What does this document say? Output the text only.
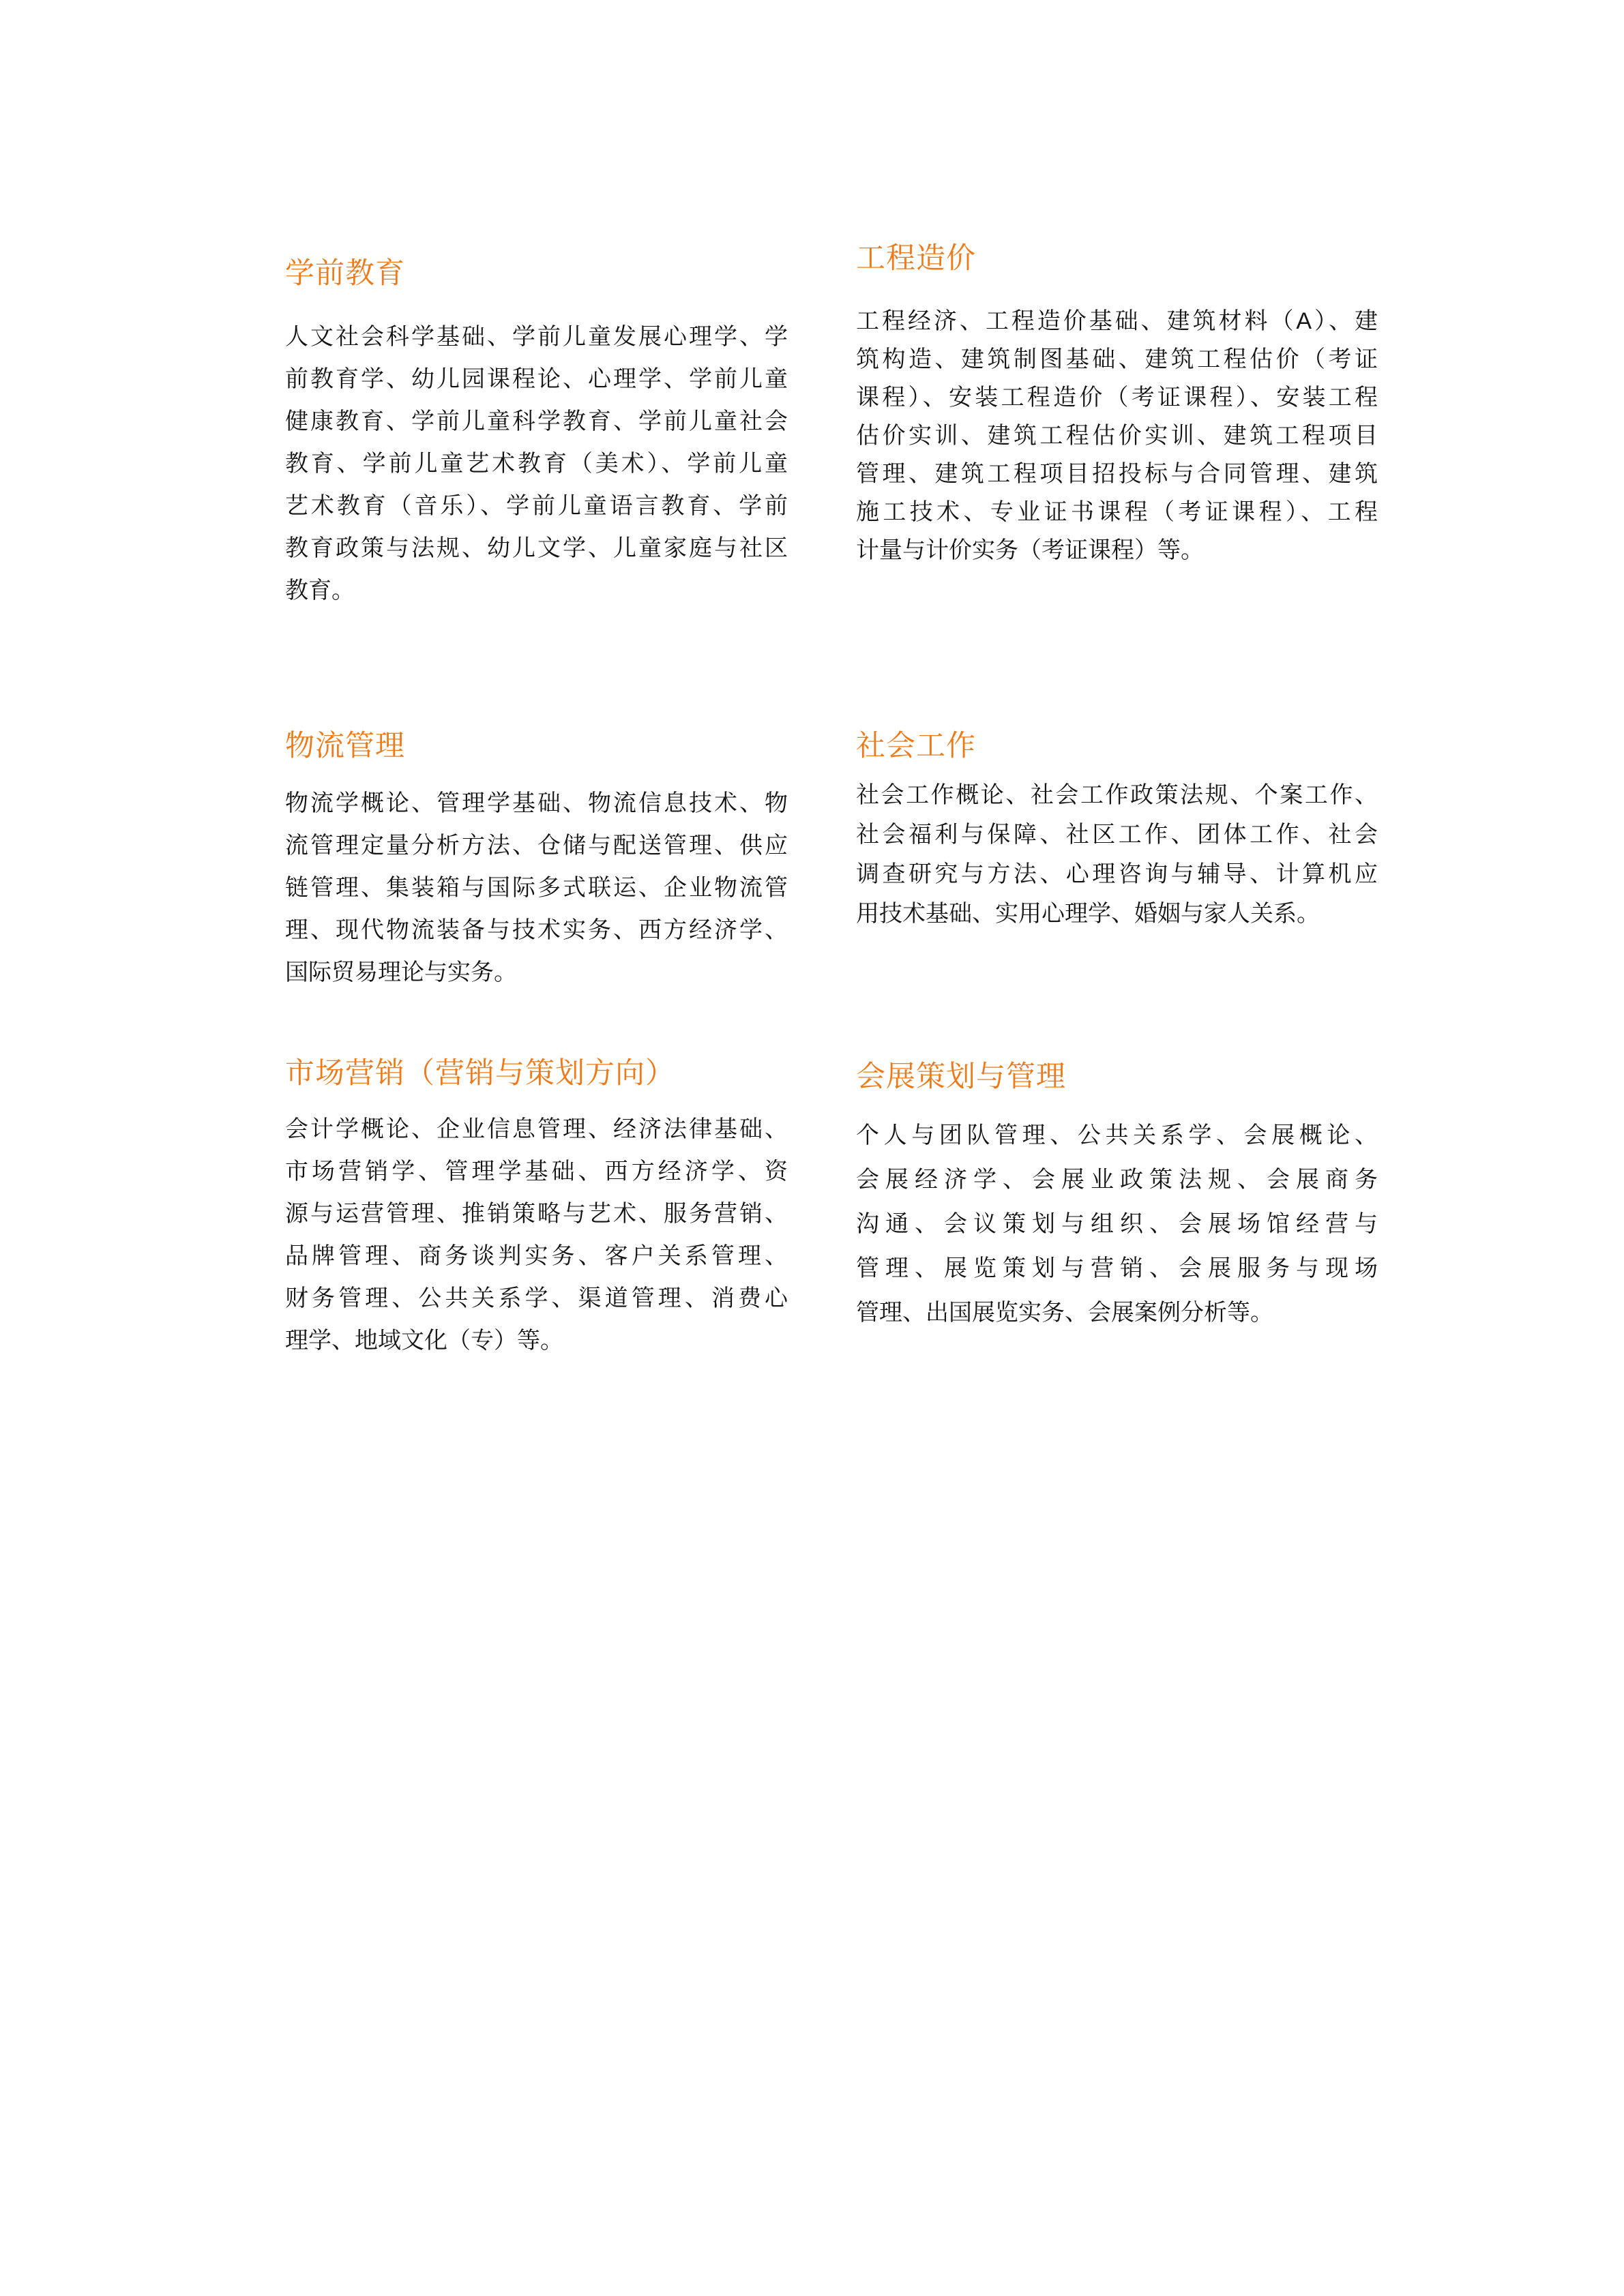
学前教育
人文社会科学基础、学前儿童发展心理学、学
前教育学、幼儿园课程论、心理学、学前儿童
健康教育、学前儿童科学教育、学前儿童社会
教育、学前儿童艺术教育（美术）、学前儿童
艺术教育（音乐）、学前儿童语言教育、学前
教育政策与法规、幼儿文学、儿童家庭与社区
教育。
工程造价
工程经济、工程造价基础、建筑材料（A）、建
筑构造、建筑制图基础、建筑工程估价（考证
课程）、安装工程造价（考证课程）、安装工程
估价实训、建筑工程估价实训、建筑工程项目
管理、建筑工程项目招投标与合同管理、建筑
施工技术、专业证书课程（考证课程）、工程
计量与计价实务（考证课程）等。
物流管理
物流学概论、管理学基础、物流信息技术、物
流管理定量分析方法、仓储与配送管理、供应
链管理、集装箱与国际多式联运、企业物流管
理、现代物流装备与技术实务、西方经济学、
国际贸易理论与实务。
社会工作
社会工作概论、社会工作政策法规、个案工作、
社会福利与保障、社区工作、团体工作、社会
调查研究与方法、心理咨询与辅导、计算机应
用技术基础、实用心理学、婚姻与家人关系。
市场营销（营销与策划方向）
会计学概论、企业信息管理、经济法律基础、
市场营销学、管理学基础、西方经济学、资
源与运营管理、推销策略与艺术、服务营销、
品牌管理、商务谈判实务、客户关系管理、
财务管理、公共关系学、渠道管理、消费心
理学、地域文化（专）等。
会展策划与管理
个人与团队管理、公共关系学、会展概论、
会展经济学、会展业政策法规、会展商务
沟通、会议策划与组织、会展场馆经营与
管理、展览策划与营销、会展服务与现场
管理、出国展览实务、会展案例分析等。
